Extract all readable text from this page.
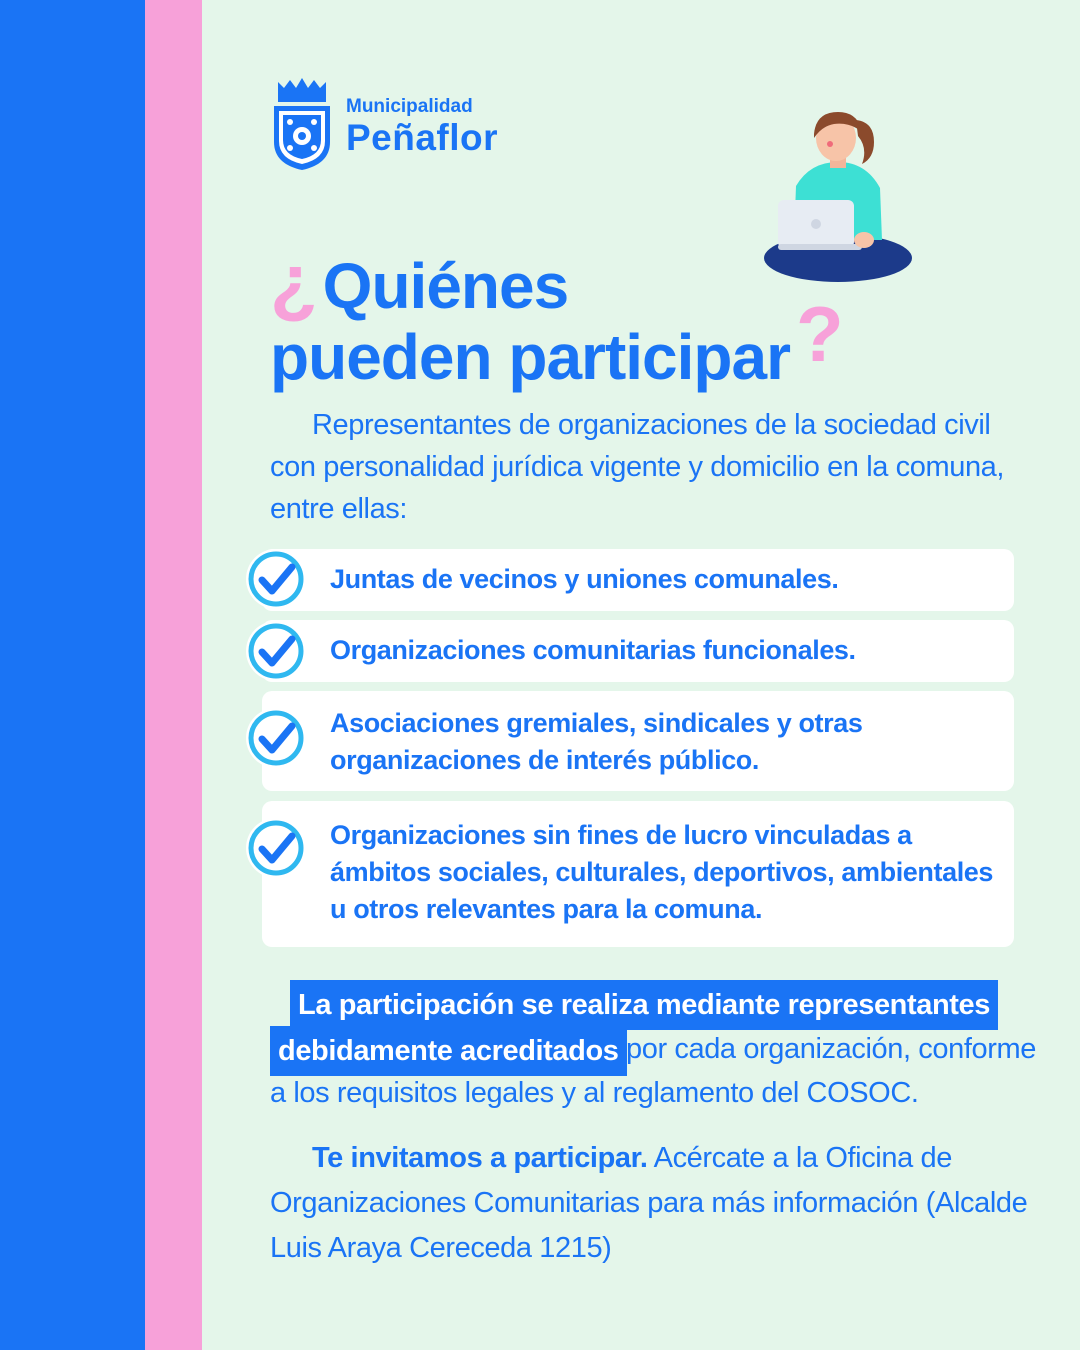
Municipalidad
Peñaflor
¿Quiénes
pueden participar?
Representantes de organizaciones de la sociedad civil con personalidad jurídica vigente y domicilio en la comuna, entre ellas:
Juntas de vecinos y uniones comunales.
Organizaciones comunitarias funcionales.
Asociaciones gremiales, sindicales y otras organizaciones de interés público.
Organizaciones sin fines de lucro vinculadas a ámbitos sociales, culturales, deportivos, ambientales u otros relevantes para la comuna.
La participación se realiza mediante representantes
debidamente acreditados por cada organización, conforme
a los requisitos legales y al reglamento del COSOC.
Te invitamos a participar. Acércate a la Oficina de Organizaciones Comunitarias para más información (Alcalde Luis Araya Cereceda 1215)
